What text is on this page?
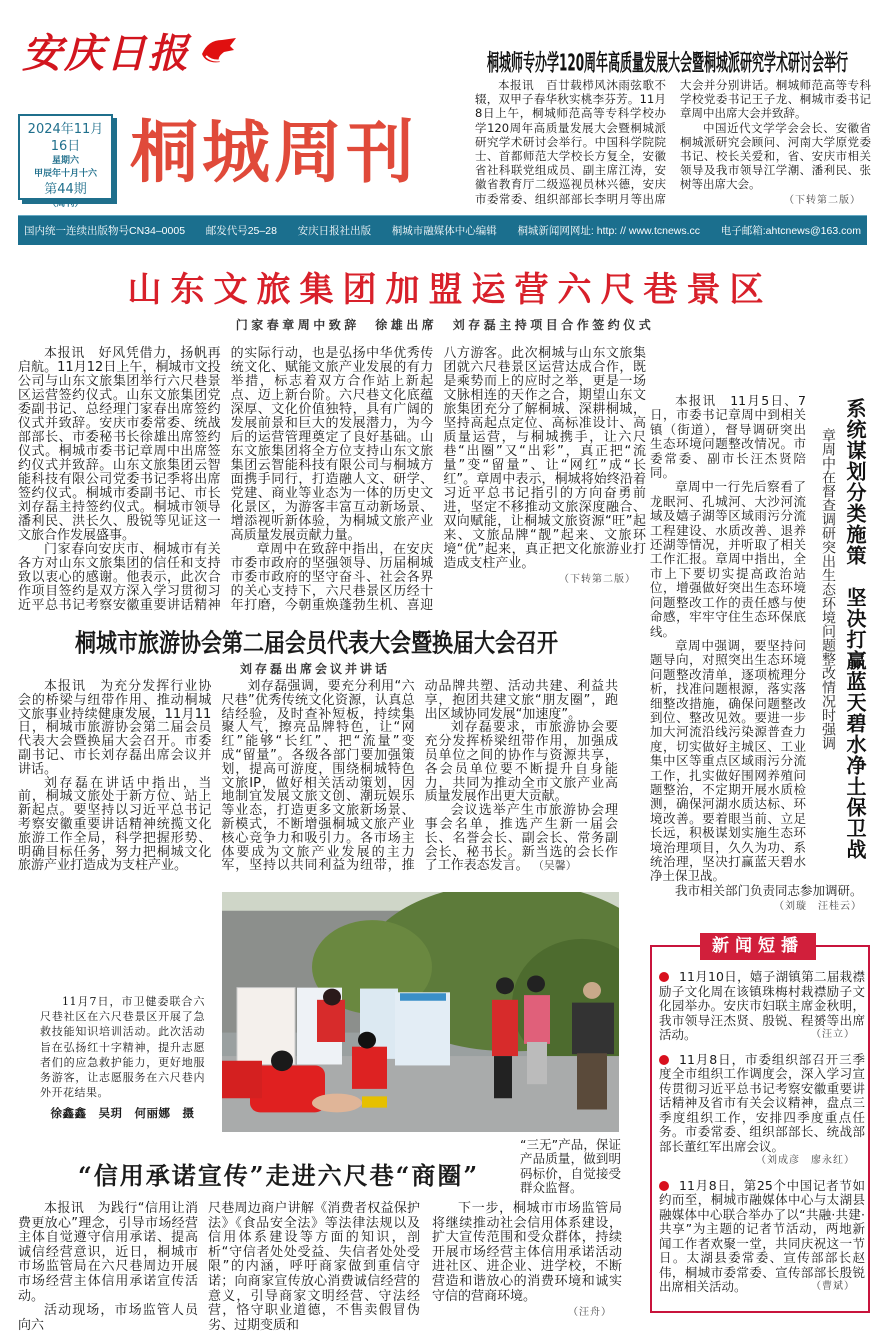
安庆日报	桐城师专办学120周年高质量发展大会暨桐城派研究学术研讨会举行
2024年11月16日
星期六
甲辰年十月十六
第44期
（周刊）
桐城周刊

本报讯　百廿载栉风沐雨弦歌不辍，双甲子春华秋实桃李芬芳。11月8日上午，桐城师范高等专科学校办学120周年高质量发展大会暨桐城派研究学术研讨会举行。中国科学院院士、首都师范大学校长方复全，安徽省社科联党组成员、副主席江涛，安徽省教育厅二级巡视员林兴德，安庆市委常委、组织部部长李明月等出席大会并分别讲话。桐城师范高等专科学校党委书记王子龙、桐城市委书记章周中出席大会并致辞。

中国近代文学学会会长、安徽省桐城派研究会顾问、河南大学原党委书记、校长关爱和，省、安庆市相关领导及我市领导江学潮、潘利民、张树等出席大会。

（下转第二版）
国内统一连续出版物号CN34–0005 邮发代号25–28 安庆日报社出版 桐城市融媒体中心编辑 桐城新闻网网址: http: // www.tcnews.cc 电子邮箱:ahtcnews@163.com
山东文旅集团加盟运营六尺巷景区
门家春章周中致辞　徐雄出席　刘存磊主持项目合作签约仪式

本报讯　好风凭借力，扬帆再启航。11月12日上午，桐城市文投公司与山东文旅集团举行六尺巷景区运营签约仪式。山东文旅集团党委副书记、总经理门家春出席签约仪式并致辞。安庆市委常委、统战部部长、市委秘书长徐雄出席签约仪式。桐城市委书记章周中出席签约仪式并致辞。山东文旅集团云智能科技有限公司党委书记季将出席签约仪式。桐城市委副书记、市长刘存磊主持签约仪式。桐城市领导潘利民、洪长久、殷锐等见证这一文旅合作发展盛事。

门家春向安庆市、桐城市有关各方对山东文旅集团的信任和支持致以衷心的感谢。他表示，此次合作项目签约是双方深入学习贯彻习近平总书记考察安徽重要讲话精神的实际行动，也是弘扬中华优秀传统文化、赋能文旅产业发展的有力举措，标志着双方合作站上新起点、迈上新台阶。六尺巷文化底蕴深厚、文化价值独特，具有广阔的发展前景和巨大的发展潜力，为今后的运营管理奠定了良好基础。山东文旅集团将全方位支持山东文旅集团云智能科技有限公司与桐城方面携手同行，打造融人文、研学、党建、商业等业态为一体的历史文化景区，为游客丰富互动新场景、增添视听新体验，为桐城文旅产业高质量发展贡献力量。

章周中在致辞中指出，在安庆市委市政府的坚强领导、历届桐城市委市政府的坚守奋斗、社会各界的关心支持下，六尺巷景区历经十年打磨，今朝重焕蓬勃生机、喜迎八方游客。此次桐城与山东文旅集团就六尺巷景区运营达成合作，既是乘势而上的应时之举，更是一场文脉相连的天作之合，期望山东文旅集团充分了解桐城、深耕桐城，坚持高起点定位、高标准设计、高质量运营，与桐城携手，让六尺巷“出圈”又“出彩”，真正把“流量”变“留量”、让“网红”成“长红”。章周中表示，桐城将始终沿着习近平总书记指引的方向奋勇前进，坚定不移推动文旅深度融合、双向赋能，让桐城文旅资源“旺”起来、文旅品牌“靓”起来、文旅环境“优”起来，真正把文化旅游业打造成支柱产业。

（下转第二版）	系统谋划分类施策　坚决打赢蓝天碧水净土保卫战
章周中在督查调研突出生态环境问题整改情况时强调

本报讯　11月5日、7日，市委书记章周中到相关镇（街道），督导调研突出生态环境问题整改情况。市委常委、副市长汪杰贤陪同。

章周中一行先后察看了龙眠河、孔城河、大沙河流域及嬉子湖等区域雨污分流工程建设、水质改善、退养还湖等情况，并听取了相关工作汇报。章周中指出，全市上下要切实提高政治站位，增强做好突出生态环境问题整改工作的责任感与使命感，牢牢守住生态环保底线。

章周中强调，要坚持问题导向，对照突出生态环境问题整改清单，逐项梳理分析，找准问题根源，落实落细整改措施，确保问题整改到位、整改见效。要进一步加大河流沿线污染源普查力度，切实做好主城区、工业集中区等重点区域雨污分流工作，扎实做好围网养殖问题整治，不定期开展水质检测，确保河湖水质达标、环境改善。要着眼当前、立足长远，积极谋划实施生态环境治理项目，久久为功、系统治理，坚决打赢蓝天碧水净土保卫战。

我市相关部门负责同志参加调研。

（刘璇　汪桂云）
桐城市旅游协会第二届会员代表大会暨换届大会召开
刘存磊出席会议并讲话

本报讯　为充分发挥行业协会的桥梁与纽带作用、推动桐城文旅事业持续健康发展，11月11日，桐城市旅游协会第二届会员代表大会暨换届大会召开。市委副书记、市长刘存磊出席会议并讲话。

刘存磊在讲话中指出，当前，桐城文旅处于新方位、站上新起点。要坚持以习近平总书记考察安徽重要讲话精神统揽文化旅游工作全局，科学把握形势、明确目标任务，努力把桐城文化旅游产业打造成为支柱产业。

刘存磊强调，要充分利用“六尺巷”优秀传统文化资源，认真总结经验，及时查补短板，持续集聚人气，擦亮品牌特色，让“网红”能够“长红”、把“流量”变成“留量”。各级各部门要加强策划，提高可游度，围绕桐城特色文旅IP，做好相关活动策划，因地制宜发展文旅文创、潮玩娱乐等业态，打造更多文旅新场景、新模式，不断增强桐城文旅产业核心竞争力和吸引力。各市场主体要成为文旅产业发展的主力军，坚持以共同利益为纽带，推动品牌共塑、活动共建、利益共享，抱团共建文旅“朋友圈”，跑出区域协同发展“加速度”。

刘存磊要求，市旅游协会要充分发挥桥梁纽带作用，加强成员单位之间的协作与资源共享，各会员单位要不断提升自身能力，共同为推动全市文旅产业高质量发展作出更大贡献。

会议选举产生市旅游协会理事会名单，推选产生新一届会长、名誉会长、副会长、常务副会长、秘书长。新当选的会长作了工作表态发言。 （吴馨）

11月7日，市卫健委联合六尺巷社区在六尺巷景区开展了急救技能知识培训活动。此次活动旨在弘扬红十字精神，提升志愿者们的应急救护能力，更好地服务游客，让志愿服务在六尺巷内外开花结果。

徐鑫鑫　吴玥　何丽娜　摄

“信用承诺宣传”走进六尺巷“商圈”
“三无”产品，保证产品质量，做到明码标价，自觉接受群众监督。

本报讯　为践行“信用让消费更放心”理念，引导市场经营主体自觉遵守信用承诺、提高诚信经营意识，近日，桐城市市场监管局在六尺巷周边开展市场经营主体信用承诺宣传活动。

活动现场，市场监管人员向六

尺巷周边商户讲解《消费者权益保护法》《食品安全法》等法律法规以及信用体系建设等方面的知识，剖析“守信者处处受益、失信者处处受限”的内涵，呼吁商家做到重信守诺；向商家宣传放心消费诚信经营的意义，引导商家文明经营、守法经营，恪守职业道德，不售卖假冒伪劣、过期变质和

下一步，桐城市市场监管局将继续推动社会信用体系建设，扩大宣传范围和受众群体，持续开展市场经营主体信用承诺活动进社区、进企业、进学校，不断营造和谐放心的消费环境和诚实守信的营商环境。

（汪舟）
新闻短播
11月10日，嬉子湖镇第二届栽襟励子文化周在该镇珠梅村栽襟励子文化园举办。安庆市妇联主席金秋明，我市领导汪杰贤、殷锐、程赟等出席活动。	（汪立）
11月8日，市委组织部召开三季度全市组织工作调度会，深入学习宣传贯彻习近平总书记考察安徽重要讲话精神及省市有关会议精神，盘点三季度组织工作，安排四季度重点任务。市委常委、组织部部长、统战部部长董红军出席会议。
（刘成彦　廖永红）
11月8日，第25个中国记者节如约而至，桐城市融媒体中心与太湖县融媒体中心联合举办了以“共融·共建·共享”为主题的记者节活动，两地新闻工作者欢聚一堂，共同庆祝这一节日。太湖县委常委、宣传部部长赵伟，桐城市委常委、宣传部部长殷锐出席相关活动。	（曹斌）
